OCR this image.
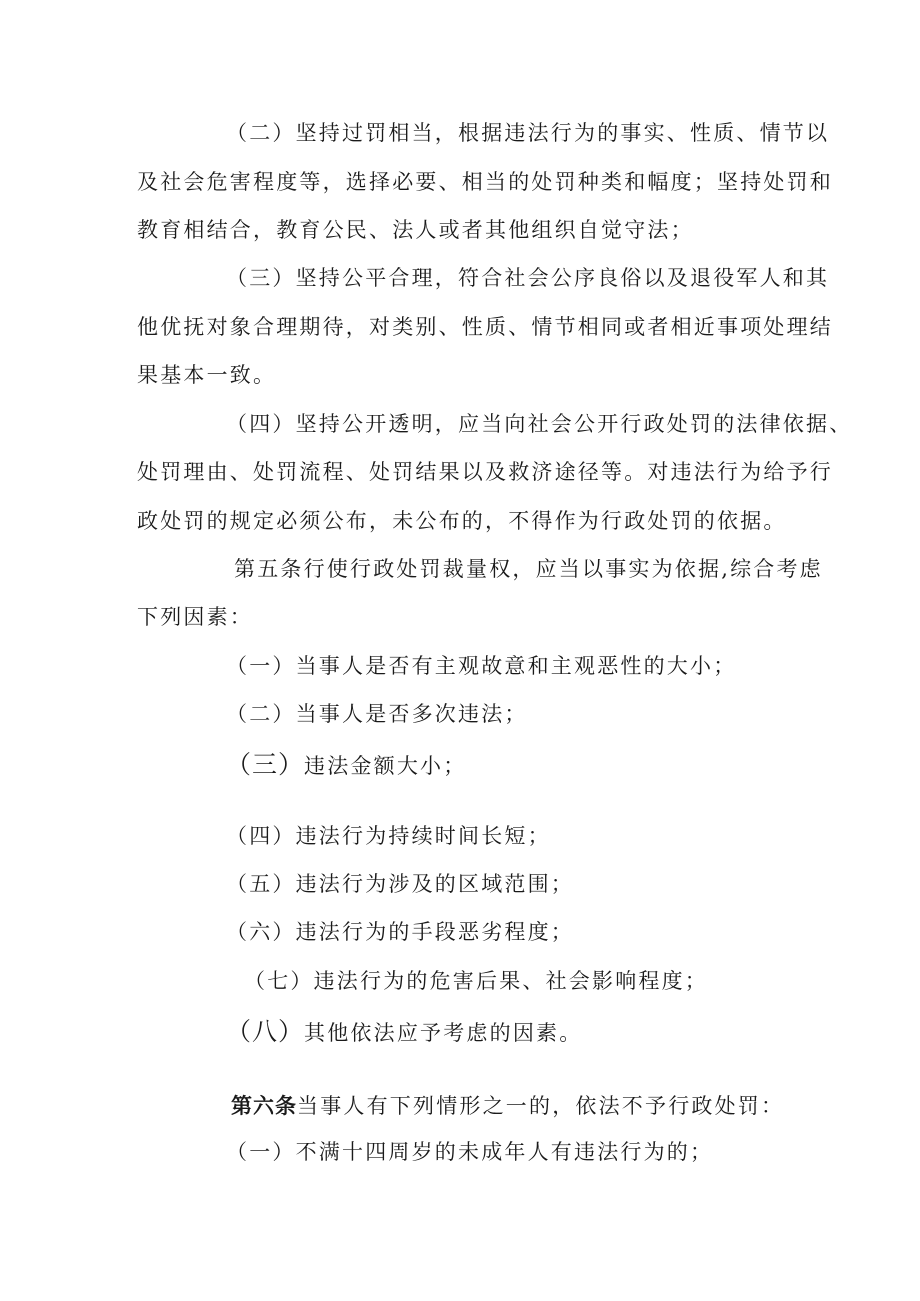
（二）坚持过罚相当，根据违法行为的事实、性质、情节以
及社会危害程度等，选择必要、相当的处罚种类和幅度；坚持处罚和
教育相结合，教育公民、法人或者其他组织自觉守法；
（三）坚持公平合理，符合社会公序良俗以及退役军人和其
他优抚对象合理期待，对类别、性质、情节相同或者相近事项处理结
果基本一致。
（四）坚持公开透明，应当向社会公开行政处罚的法律依据、
处罚理由、处罚流程、处罚结果以及救济途径等。对违法行为给予行
政处罚的规定必须公布，未公布的，不得作为行政处罚的依据。
第五条行使行政处罚裁量权，应当以事实为依据,综合考虑
下列因素：
（一）当事人是否有主观故意和主观恶性的大小；
（二）当事人是否多次违法；
（三）违法金额大小；
（四）违法行为持续时间长短；
（五）违法行为涉及的区域范围；
（六）违法行为的手段恶劣程度；
（七）违法行为的危害后果、社会影响程度；
（八）其他依法应予考虑的因素。
第六条当事人有下列情形之一的，依法不予行政处罚：
（一）不满十四周岁的未成年人有违法行为的；
